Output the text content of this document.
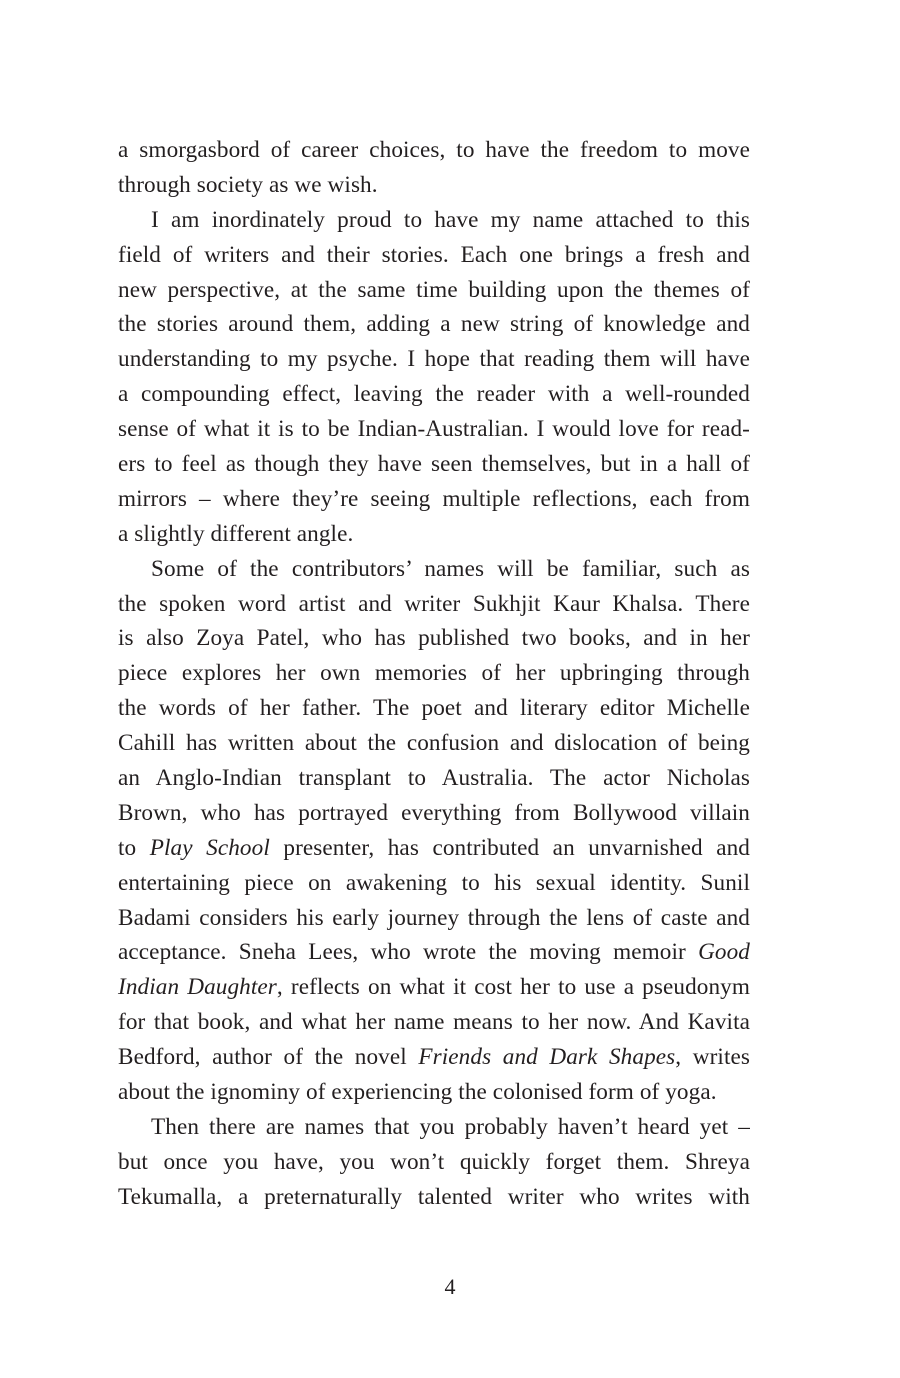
a smorgasbord of career choices, to have the freedom to move
through society as we wish.
I am inordinately proud to have my name attached to this
field of writers and their stories. Each one brings a fresh and
new perspective, at the same time building upon the themes of
the stories around them, adding a new string of knowledge and
understanding to my psyche. I hope that reading them will have
a compounding effect, leaving the reader with a well-rounded
sense of what it is to be Indian-Australian. I would love for read-
ers to feel as though they have seen themselves, but in a hall of
mirrors – where they’re seeing multiple reflections, each from
a slightly different angle.
Some of the contributors’ names will be familiar, such as
the spoken word artist and writer Sukhjit Kaur Khalsa. There
is also Zoya Patel, who has published two books, and in her
piece explores her own memories of her upbringing through
the words of her father. The poet and literary editor Michelle
Cahill has written about the confusion and dislocation of being
an Anglo-Indian transplant to Australia. The actor Nicholas
Brown, who has portrayed everything from Bollywood villain
to Play School presenter, has contributed an unvarnished and
entertaining piece on awakening to his sexual identity. Sunil
Badami considers his early journey through the lens of caste and
acceptance. Sneha Lees, who wrote the moving memoir Good
Indian Daughter, reflects on what it cost her to use a pseudonym
for that book, and what her name means to her now. And Kavita
Bedford, author of the novel Friends and Dark Shapes, writes
about the ignominy of experiencing the colonised form of yoga.
Then there are names that you probably haven’t heard yet –
but once you have, you won’t quickly forget them. Shreya
Tekumalla, a preternaturally talented writer who writes with
4
